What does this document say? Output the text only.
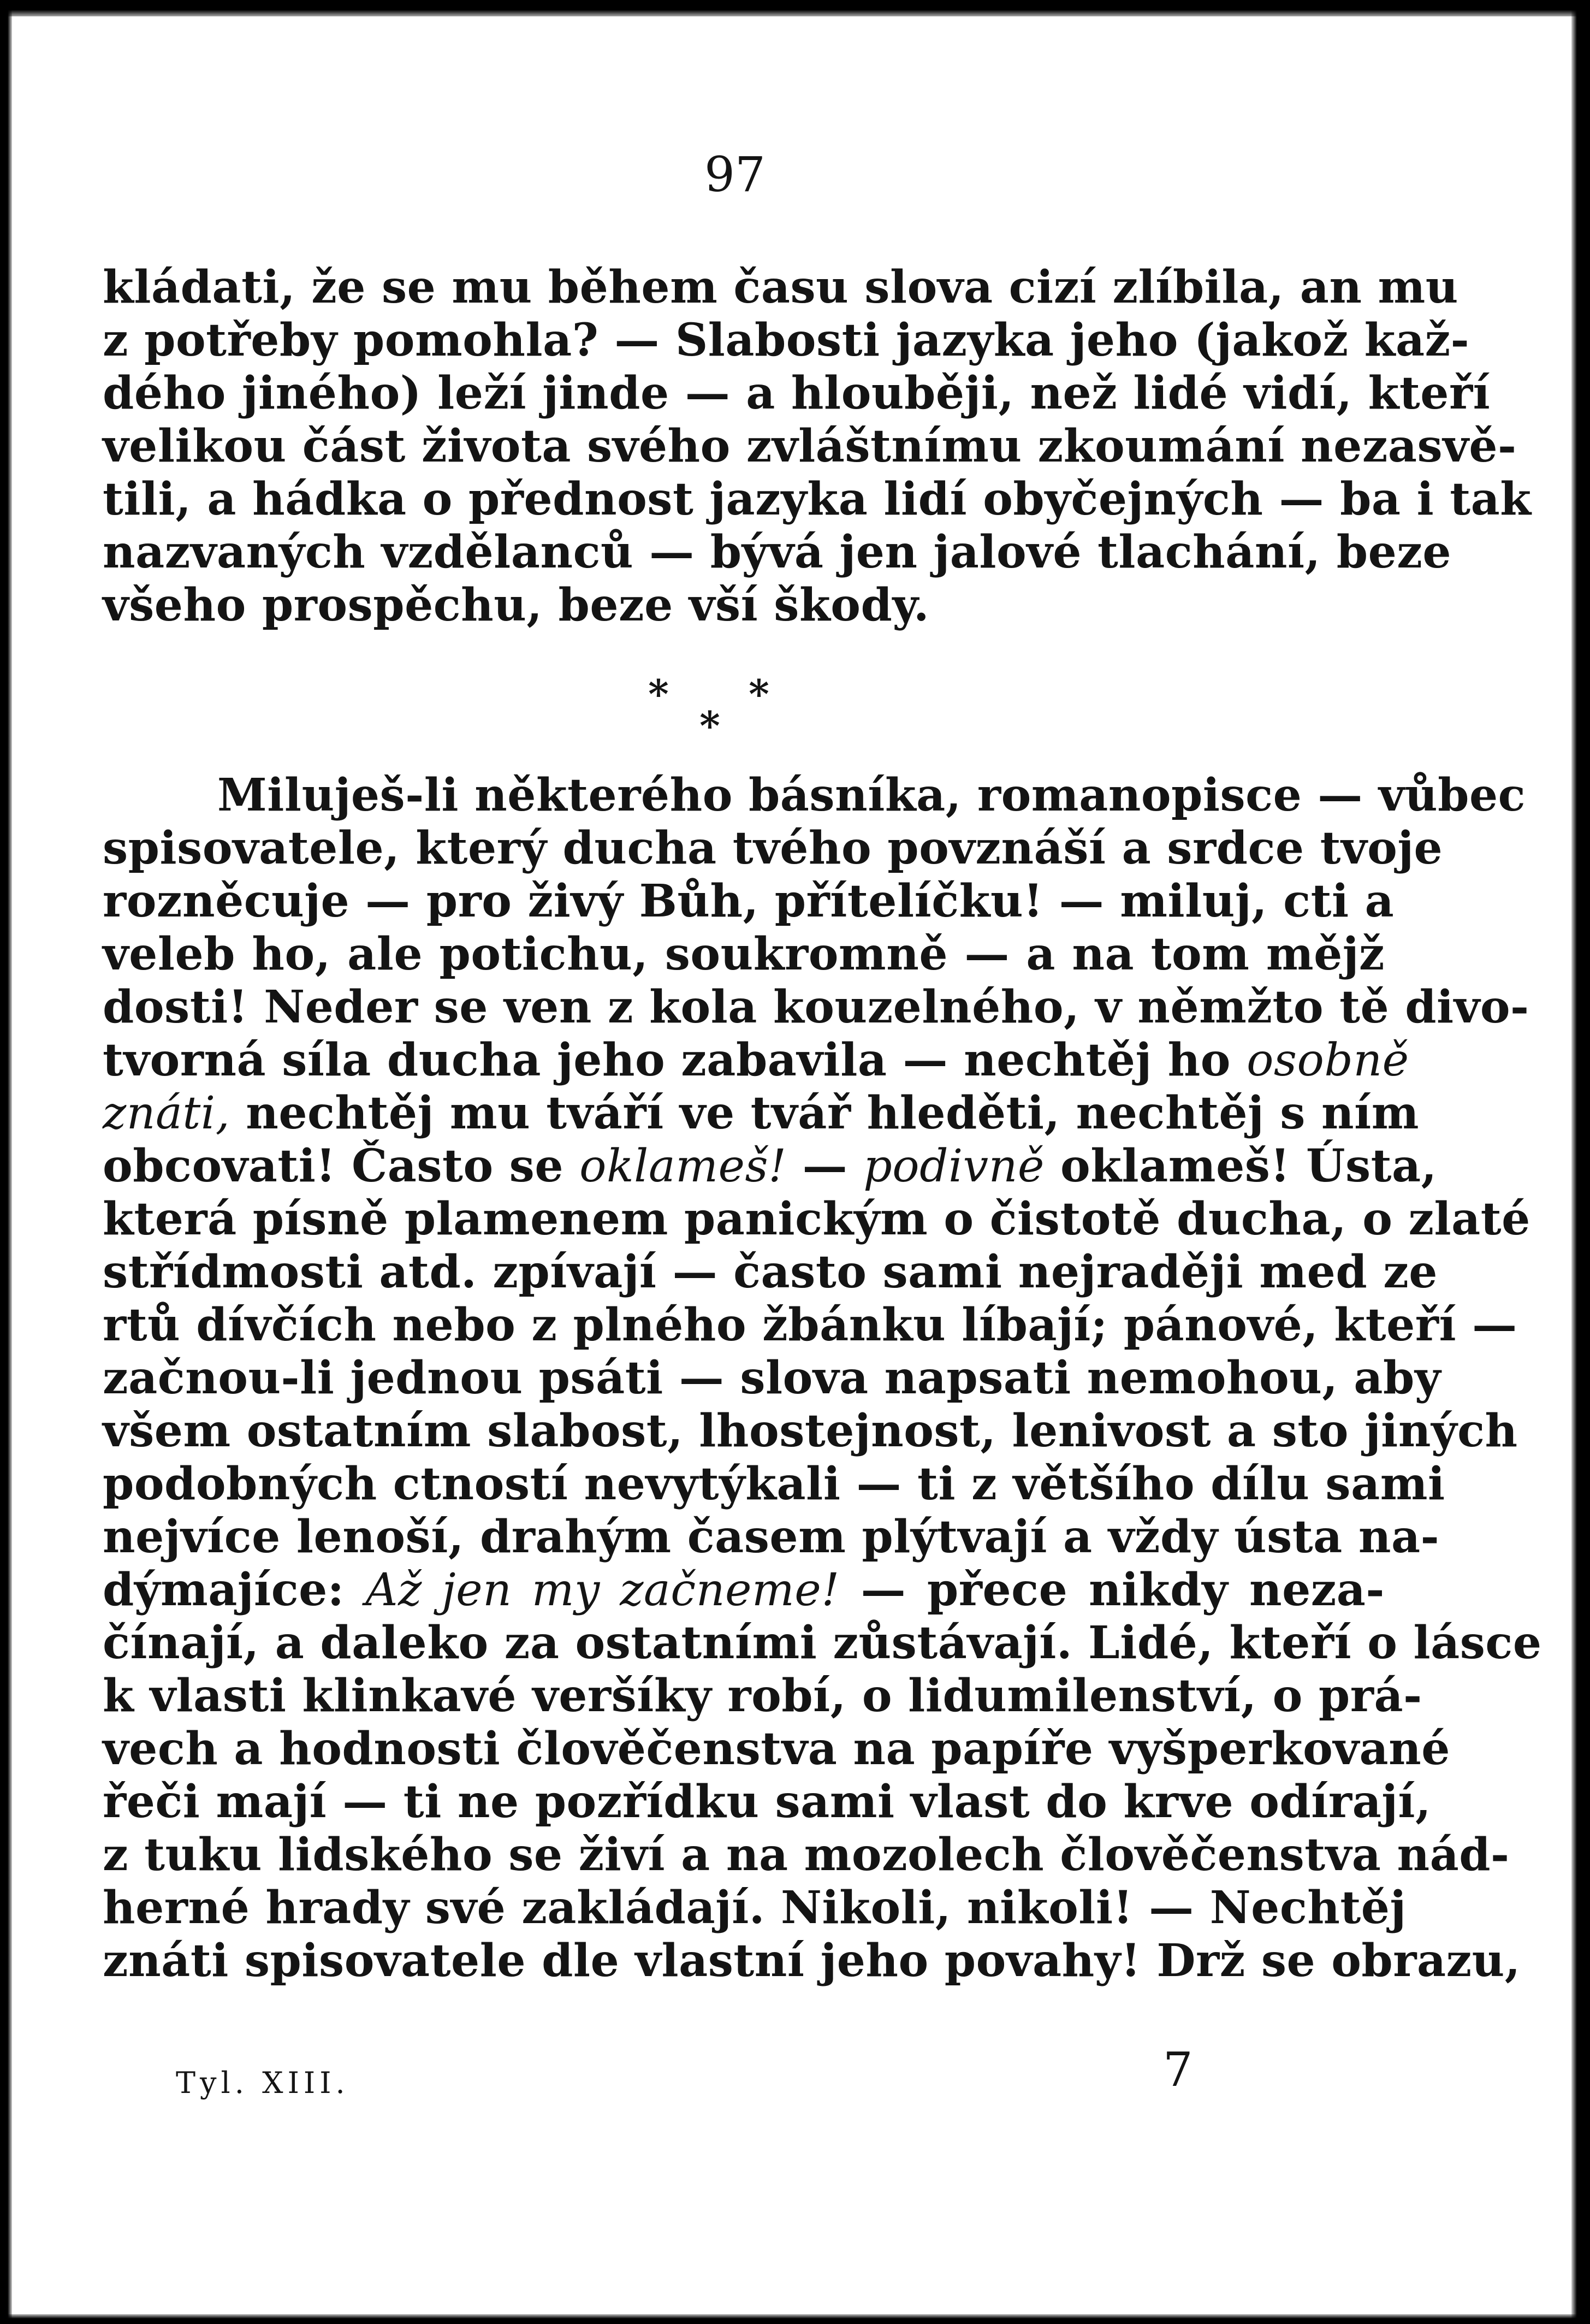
97
kládati, že se mu během času slova cizí zlíbila, an mu
z potřeby pomohla? — Slabosti jazyka jeho (jakož kaž-
dého jiného) leží jinde — a hlouběji, než lidé vidí, kteří
velikou část života svého zvláštnímu zkoumání nezasvě-
tili, a hádka o přednost jazyka lidí obyčejných — ba i tak
nazvaných vzdělanců — bývá jen jalové tlachání, beze
všeho prospěchu, beze vší škody.
* *
*
Miluješ-li některého básníka, romanopisce — vůbec
spisovatele, který ducha tvého povznáší a srdce tvoje
rozněcuje — pro živý Bůh, přítelíčku! — miluj, cti a
veleb ho, ale potichu, soukromně — a na tom mějž
dosti! Neder se ven z kola kouzelného, v němžto tě divo-
tvorná síla ducha jeho zabavila — nechtěj ho osobně
znáti, nechtěj mu tváří ve tvář hleděti, nechtěj s ním
obcovati! Často se oklameš! — podivně oklameš! Ústa,
která písně plamenem panickým o čistotě ducha, o zlaté
střídmosti atd. zpívají — často sami nejraději med ze
rtů dívčích nebo z plného žbánku líbají; pánové, kteří —
začnou-li jednou psáti — slova napsati nemohou, aby
všem ostatním slabost, lhostejnost, lenivost a sto jiných
podobných ctností nevytýkali — ti z většího dílu sami
nejvíce lenoší, drahým časem plýtvají a vždy ústa na-
dýmajíce: Až jen my začneme! — přece nikdy neza-
čínají, a daleko za ostatními zůstávají. Lidé, kteří o lásce
k vlasti klinkavé veršíky robí, o lidumilenství, o prá-
vech a hodnosti člověčenstva na papíře vyšperkované
řeči mají — ti ne pozřídku sami vlast do krve odírají,
z tuku lidského se živí a na mozolech člověčenstva nád-
herné hrady své zakládají. Nikoli, nikoli! — Nechtěj
znáti spisovatele dle vlastní jeho povahy! Drž se obrazu,
Tyl. XIII.	7
